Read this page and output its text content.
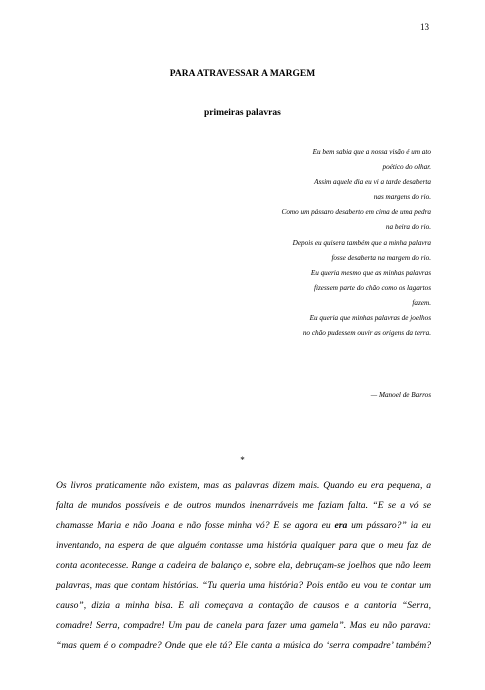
13
PARA ATRAVESSAR A MARGEM
primeiras palavras
Eu bem sabia que a nossa visão é um ato
poético do olhar.
Assim aquele dia eu vi a tarde desaberta
nas margens do rio.
Como um pássaro desaberto em cima de uma pedra
na beira do rio.
Depois eu quisera também que a minha palavra
fosse desaberta na margem do rio.
Eu queria mesmo que as minhas palavras
fizessem parte do chão como os lagartos
fazem.
Eu queria que minhas palavras de joelhos
no chão pudessem ouvir as origens da terra.
— Manoel de Barros
*
Os livros praticamente não existem, mas as palavras dizem mais. Quando eu era pequena, a
falta de mundos possíveis e de outros mundos inenarráveis me faziam falta. “E se a vó se
chamasse Maria e não Joana e não fosse minha vó? E se agora eu era um pássaro?” ia eu
inventando, na espera de que alguém contasse uma história qualquer para que o meu faz de
conta acontecesse. Range a cadeira de balanço e, sobre ela, debruçam-se joelhos que não leem
palavras, mas que contam histórias. “Tu queria uma história? Pois então eu vou te contar um
causo”, dizia a minha bisa. E ali começava a contação de causos e a cantoria “Serra,
comadre! Serra, compadre! Um pau de canela para fazer uma gamela”. Mas eu não parava:
“mas quem é o compadre? Onde que ele tá? Ele canta a música do ‘serra compadre’ também?
